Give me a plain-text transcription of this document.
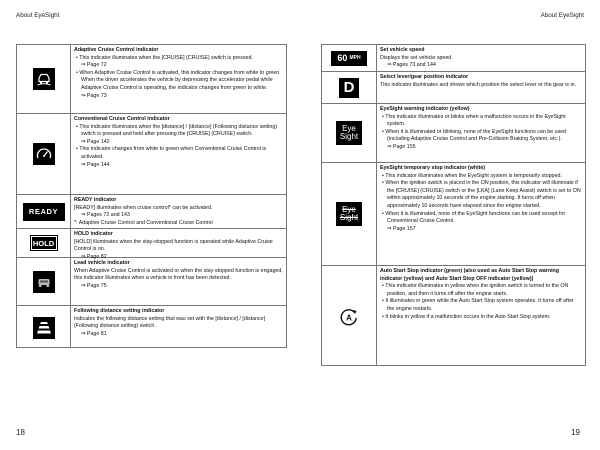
About EyeSight	About EyeSight
Adaptive Cruise Control indicator
• This indicator illuminates when the [CRUISE] (CRUISE) switch is pressed.
⇒ Page 72
• When Adaptive Cruise Control is activated, this indicator changes from white to green. When the driver accelerates the vehicle by depressing the accelerator pedal while Adaptive Cruise Control is operating, the indicator changes from green to white.
⇒ Page 73
Conventional Cruise Control indicator
• This indicator illuminates when the [distance] / [distance] (Following distance setting) switch is pressed and held after pressing the [CRUISE] (CRUISE) switch.
⇒ Page 142
• This indicator changes from white to green when Conventional Cruise Control is activated.
⇒ Page 144
READY
READY indicator
[READY] illuminates when cruise control* can be activated.
⇒ Pages 72 and 143
*: Adaptive Cruise Control and Conventional Cruise Control
HOLD
HOLD indicator
[HOLD] illuminates when the stay-stopped function is operated while Adaptive Cruise Control is on.
⇒ Page 82
Lead vehicle indicator
When Adaptive Cruise Control is activated or when the stay-stopped function is engaged, this indicator illuminates when a vehicle in front has been detected.
⇒ Page 75
Following distance setting indicator
Indicates the following distance setting that was set with the [distance] / [distance] (Following distance setting) switch.
⇒ Page 81
60 MPH
Set vehicle speed
Displays the set vehicle speed.
⇒ Pages 73 and 144
D
Select lever/gear position indicator
This indicator illuminates and shows which position the select lever or the gear is in.
Eye
Sight
EyeSight warning indicator (yellow)
• This indicator illuminates or blinks when a malfunction occurs in the EyeSight system.
• When it is illuminated or blinking, none of the EyeSight functions can be used (including Adaptive Cruise Control and Pre-Collision Braking System, etc.).
⇒ Page 155
Eye
Sight
EyeSight temporary stop indicator (white)
• This indicator illuminates when the EyeSight system is temporarily stopped.
• When the ignition switch is placed in the ON position, this indicator will illuminate if the [CRUISE] (CRUISE) switch or the [LKA] (Lane Keep Assist) switch is set to ON within approximately 10 seconds of the engine starting. It turns off when approximately 10 seconds have elapsed since the engine started.
• When it is illuminated, none of the EyeSight functions can be used except for Conventional Cruise Control.
⇒ Page 157
A
Auto Start Stop indicator (green) (also used as Auto Start Stop warning indicator (yellow) and Auto Start Stop OFF indicator (yellow))
• This indicator illuminates in yellow when the ignition switch is turned to the ON position, and then it turns off after the engine starts.
• It illuminates in green while the Auto Start Stop system operates. It turns off after the engine restarts.
• It blinks in yellow if a malfunction occurs in the Auto Start Stop system.
18	19
